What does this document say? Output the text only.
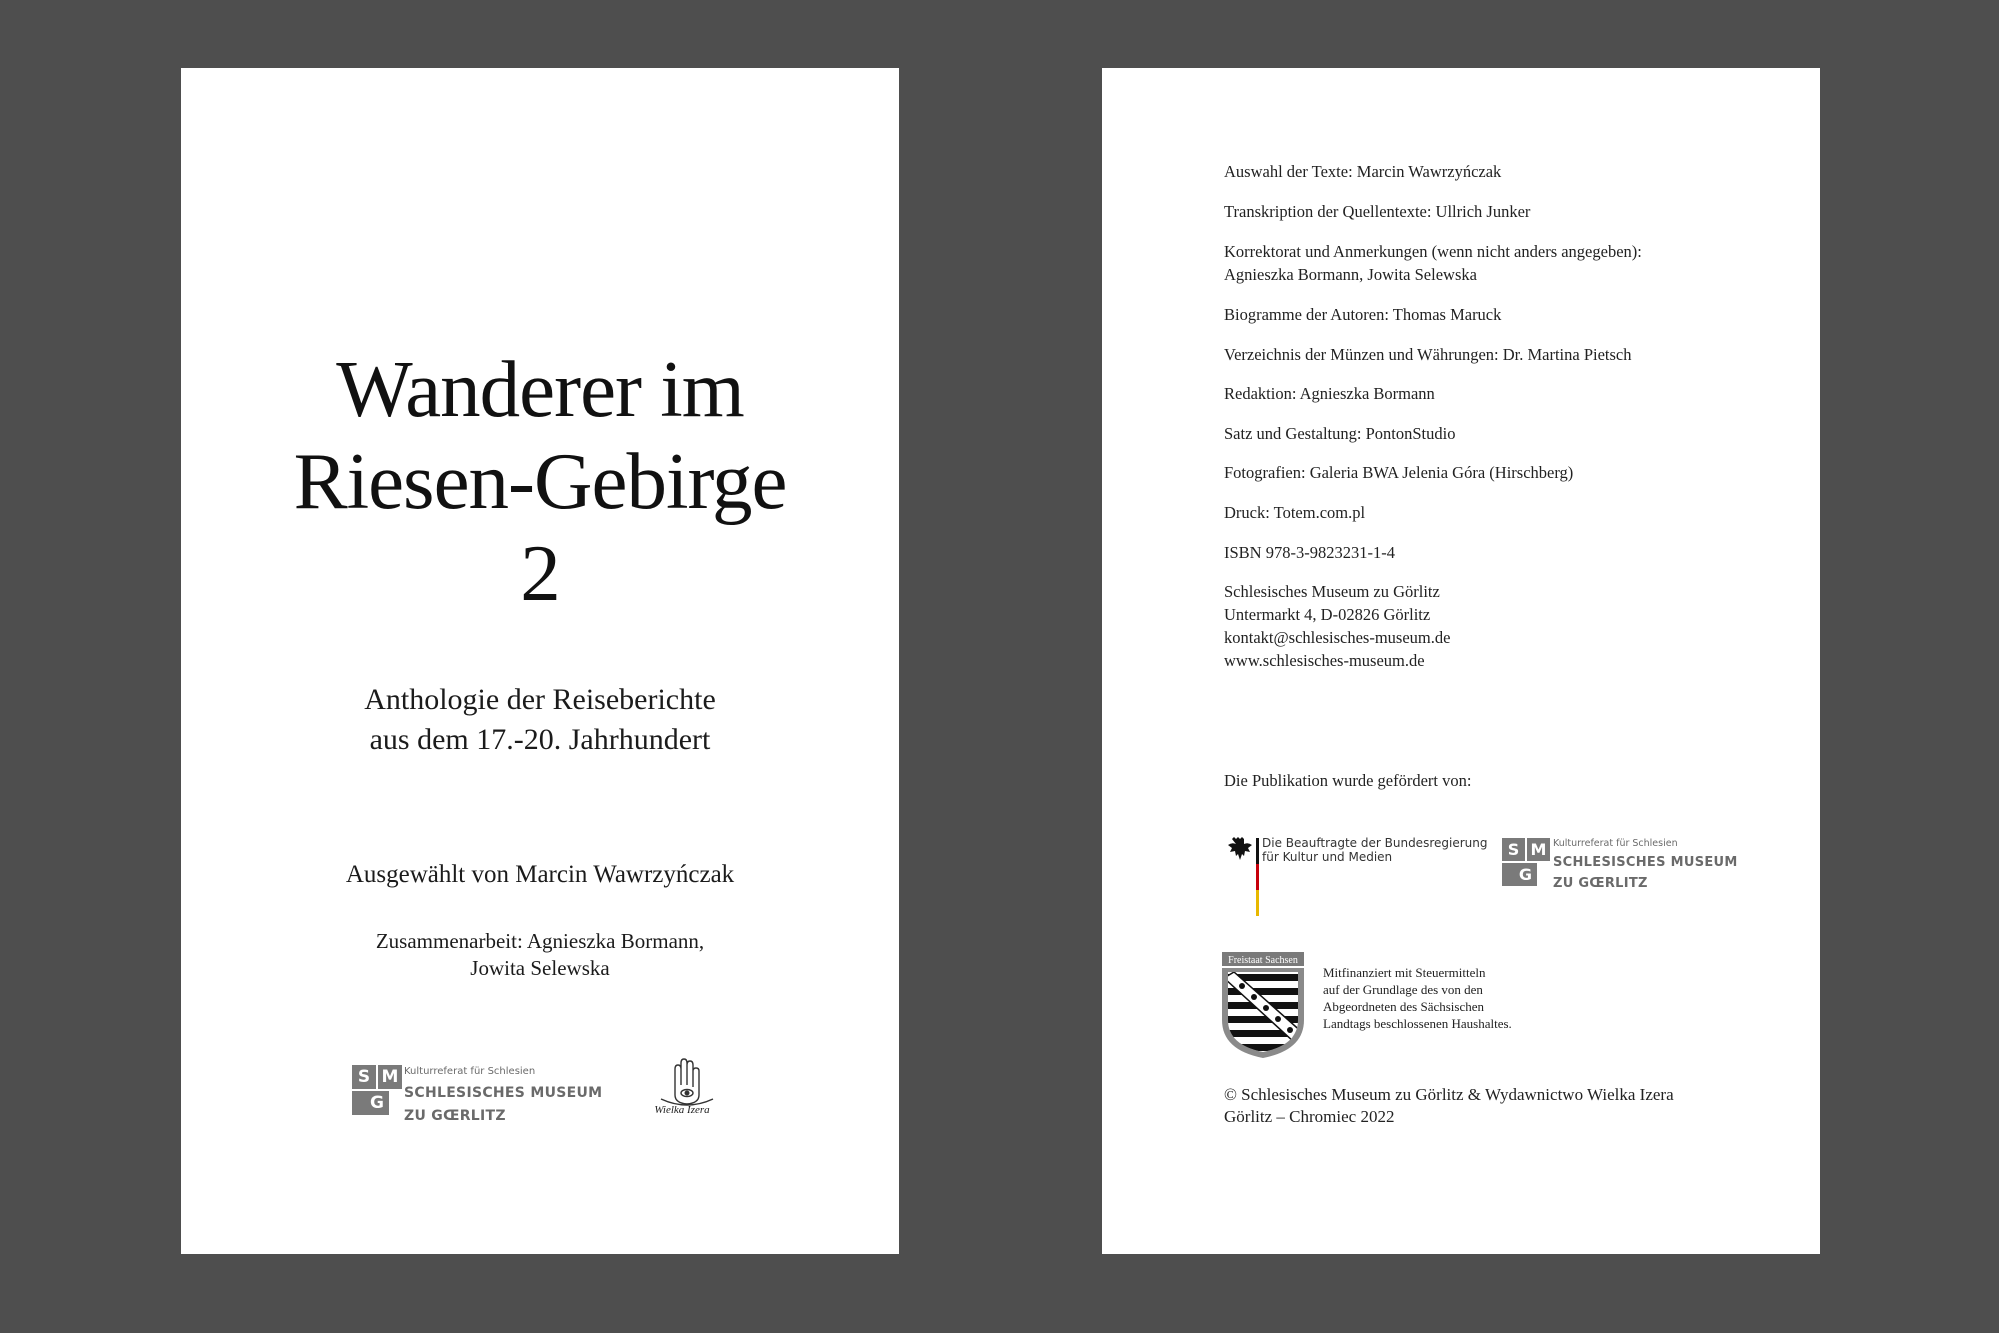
Wanderer im
Riesen-Gebirge
2
Anthologie der Reiseberichte
aus dem 17.-20. Jahrhundert
Ausgewählt von Marcin Wawrzyńczak
Zusammenarbeit: Agnieszka Bormann,
Jowita Selewska
S M
G
Kulturreferat für Schlesien
SCHLESISCHES MUSEUM
ZU GŒRLITZ	Wielka Izera
Auswahl der Texte: Marcin Wawrzyńczak
Transkription der Quellentexte: Ullrich Junker
Korrektorat und Anmerkungen (wenn nicht anders angegeben):
Agnieszka Bormann, Jowita Selewska
Biogramme der Autoren: Thomas Maruck
Verzeichnis der Münzen und Währungen: Dr. Martina Pietsch
Redaktion: Agnieszka Bormann
Satz und Gestaltung: PontonStudio
Fotografien: Galeria BWA Jelenia Góra (Hirschberg)
Druck: Totem.com.pl
ISBN 978-3-9823231-1-4
Schlesisches Museum zu Görlitz
Untermarkt 4, D-02826 Görlitz
kontakt@schlesisches-museum.de
www.schlesisches-museum.de
Die Publikation wurde gefördert von:
Die Beauftragte der Bundesregierung
für Kultur und Medien	S M
G
Kulturreferat für Schlesien
SCHLESISCHES MUSEUM
ZU GŒRLITZ
Freistaat Sachsen
Mitfinanziert mit Steuermitteln
auf der Grundlage des von den
Abgeordneten des Sächsischen
Landtags beschlossenen Haushaltes.
© Schlesisches Museum zu Görlitz & Wydawnictwo Wielka Izera
Görlitz – Chromiec 2022
